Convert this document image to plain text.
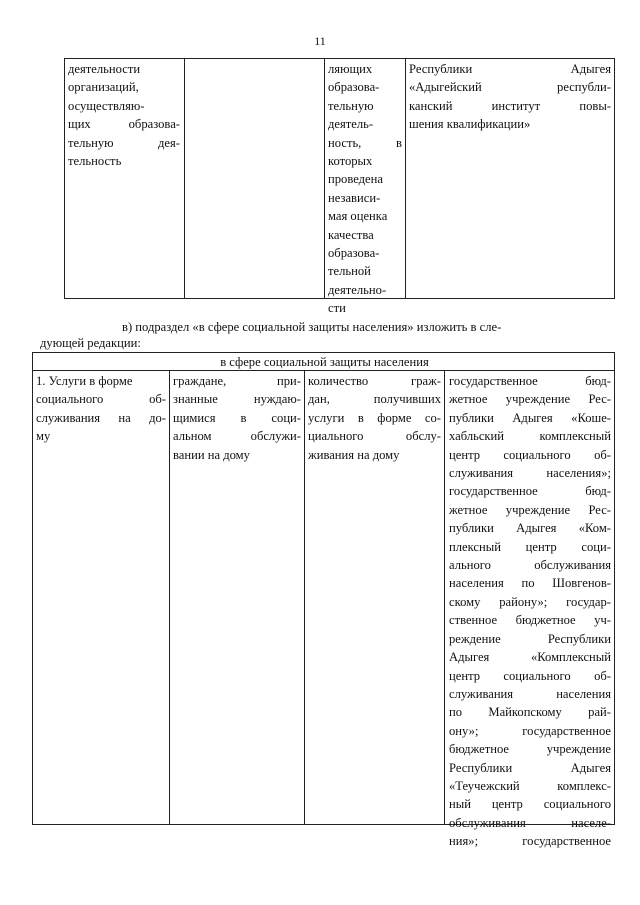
11
деятельности
организаций,
осуществляю-
щих образова-
тельную дея-
тельность
ляющих
образова-
тельную
деятель-
ность, в
которых
проведена
независи-
мая оценка
качества
образова-
тельной
деятельно-
сти
Республики Адыгея
«Адыгейский республи-
канский институт повы-
шения квалификации»
в) подраздел «в сфере социальной защиты населения» изложить в сле-
дующей редакции:
в сфере социальной защиты населения
1. Услуги в форме
социального об-
служивания на до-
му
граждане, при-
знанные нуждаю-
щимися в соци-
альном обслужи-
вании на дому
количество граж-
дан, получивших
услуги в форме со-
циального обслу-
живания на дому
государственное бюд-
жетное учреждение Рес-
публики Адыгея «Коше-
хабльский комплексный
центр социального об-
служивания населения»;
государственное бюд-
жетное учреждение Рес-
публики Адыгея «Ком-
плексный центр соци-
ального обслуживания
населения по Шовгенов-
скому району»; государ-
ственное бюджетное уч-
реждение Республики
Адыгея «Комплексный
центр социального об-
служивания населения
по Майкопскому рай-
ону»; государственное
бюджетное учреждение
Республики Адыгея
«Теучежский комплекс-
ный центр социального
обслуживания населе-
ния»; государственное
